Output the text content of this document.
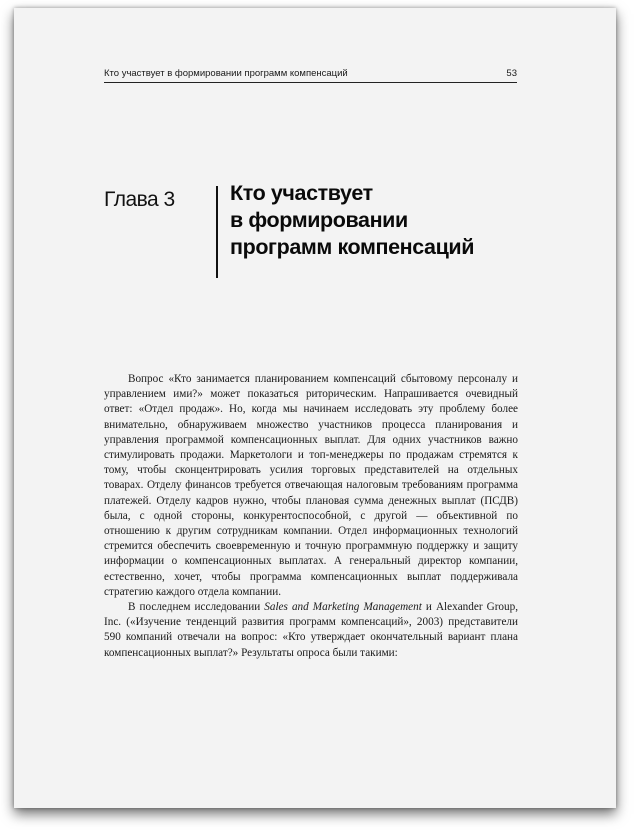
Кто участвует в формировании программ компенсаций	53
Глава 3	Кто участвует
в формировании
программ компенсаций

Вопрос «Кто занимается планированием компенсаций сбытовому персоналу и управлением ими?» может показаться риторическим. Напрашивается очевидный ответ: «Отдел продаж». Но, когда мы начинаем исследовать эту проблему более внимательно, обнаруживаем множество участников процесса планирования и управления программой компенсационных выплат. Для одних участников важно стимулировать продажи. Маркетологи и топ-менеджеры по продажам стремятся к тому, чтобы сконцентрировать усилия торговых представителей на отдельных товарах. Отделу финансов требуется отвечающая налоговым требованиям программа платежей. Отделу кадров нужно, чтобы плановая сумма денежных выплат (ПСДВ) была, с одной стороны, конкурентоспособной, с другой — объективной по отношению к другим сотрудникам компании. Отдел информационных технологий стремится обеспечить своевременную и точную программную поддержку и защиту информации о компенсационных выплатах. А генеральный директор компании, естественно, хочет, чтобы программа компенсационных выплат поддерживала стратегию каждого отдела компании.

В последнем исследовании Sales and Marketing Management и Alexander Group, Inc. («Изучение тенденций развития программ компенсаций», 2003) представители 590 компаний отвечали на вопрос: «Кто утверждает окончательный вариант плана компенсационных выплат?» Результаты опроса были такими:
